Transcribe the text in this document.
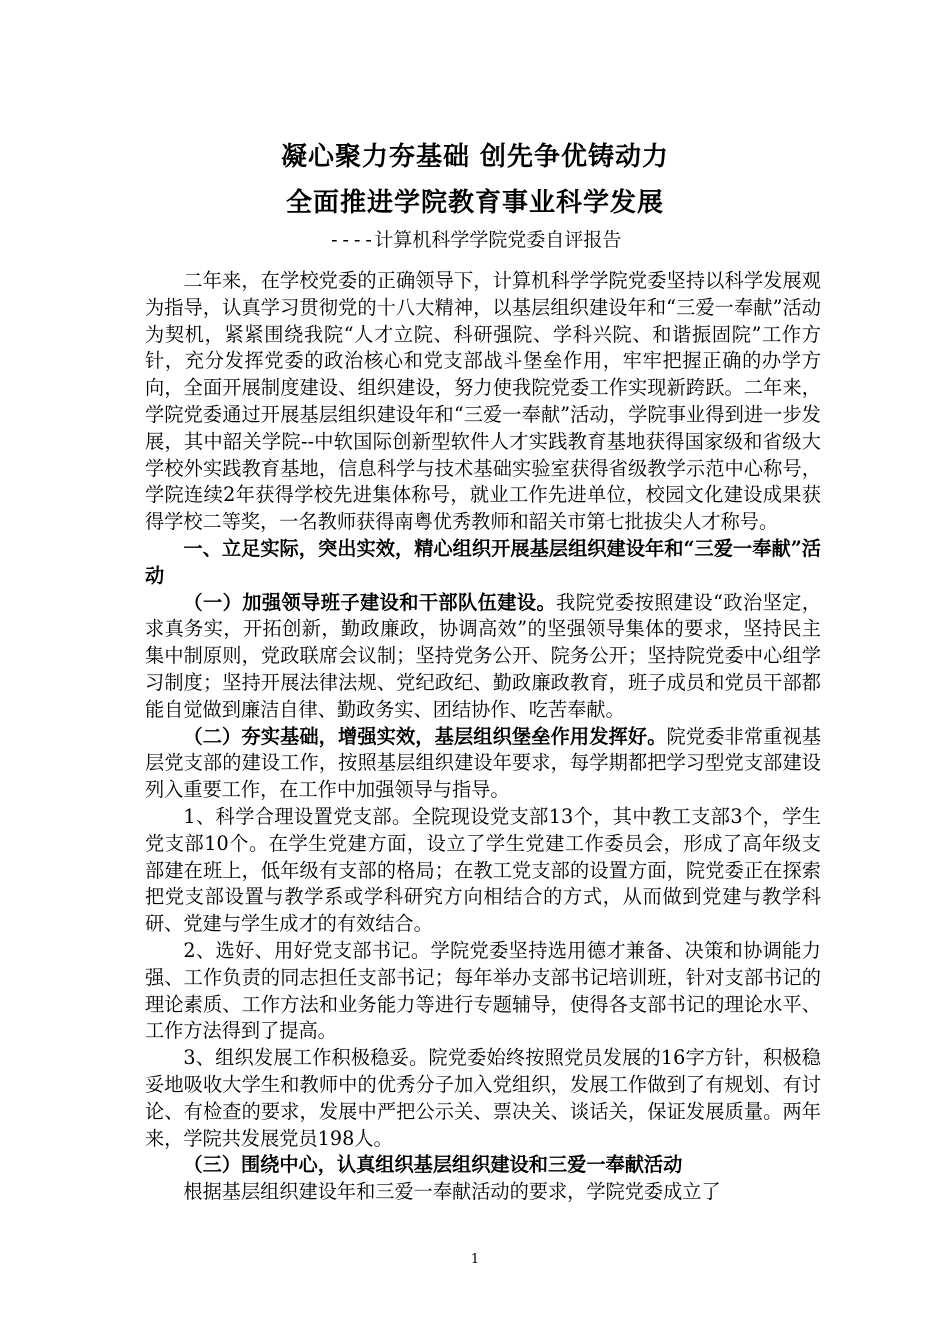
凝心聚力夯基础 创先争优铸动力
全面推进学院教育事业科学发展
----计算机科学学院党委自评报告

二年来，在学校党委的正确领导下，计算机科学学院党委坚持以科学发展观为指导，认真学习贯彻党的十八大精神，以基层组织建设年和“三爱一奉献”活动为契机，紧紧围绕我院“人才立院、科研强院、学科兴院、和谐振固院”工作方针，充分发挥党委的政治核心和党支部战斗堡垒作用，牢牢把握正确的办学方向，全面开展制度建设、组织建设，努力使我院党委工作实现新跨跃。二年来，学院党委通过开展基层组织建设年和“三爱一奉献”活动，学院事业得到进一步发展，其中韶关学院--中软国际创新型软件人才实践教育基地获得国家级和省级大学校外实践教育基地，信息科学与技术基础实验室获得省级教学示范中心称号，学院连续2年获得学校先进集体称号，就业工作先进单位，校园文化建设成果获得学校二等奖，一名教师获得南粤优秀教师和韶关市第七批拔尖人才称号。

一、立足实际，突出实效，精心组织开展基层组织建设年和“三爱一奉献”活动

（一）加强领导班子建设和干部队伍建设。我院党委按照建设“政治坚定，求真务实，开拓创新，勤政廉政，协调高效”的坚强领导集体的要求，坚持民主集中制原则，党政联席会议制；坚持党务公开、院务公开；坚持院党委中心组学习制度；坚持开展法律法规、党纪政纪、勤政廉政教育，班子成员和党员干部都能自觉做到廉洁自律、勤政务实、团结协作、吃苦奉献。

（二）夯实基础，增强实效，基层组织堡垒作用发挥好。院党委非常重视基层党支部的建设工作，按照基层组织建设年要求，每学期都把学习型党支部建设列入重要工作，在工作中加强领导与指导。

1、科学合理设置党支部。全院现设党支部13个，其中教工支部3个，学生党支部10个。在学生党建方面，设立了学生党建工作委员会，形成了高年级支部建在班上，低年级有支部的格局；在教工党支部的设置方面，院党委正在探索把党支部设置与教学系或学科研究方向相结合的方式，从而做到党建与教学科研、党建与学生成才的有效结合。

2、选好、用好党支部书记。学院党委坚持选用德才兼备、决策和协调能力强、工作负责的同志担任支部书记；每年举办支部书记培训班，针对支部书记的理论素质、工作方法和业务能力等进行专题辅导，使得各支部书记的理论水平、工作方法得到了提高。

3、组织发展工作积极稳妥。院党委始终按照党员发展的16字方针，积极稳妥地吸收大学生和教师中的优秀分子加入党组织，发展工作做到了有规划、有讨论、有检查的要求，发展中严把公示关、票决关、谈话关，保证发展质量。两年来，学院共发展党员198人。

（三）围绕中心，认真组织基层组织建设和三爱一奉献活动

根据基层组织建设年和三爱一奉献活动的要求，学院党委成立了

1
